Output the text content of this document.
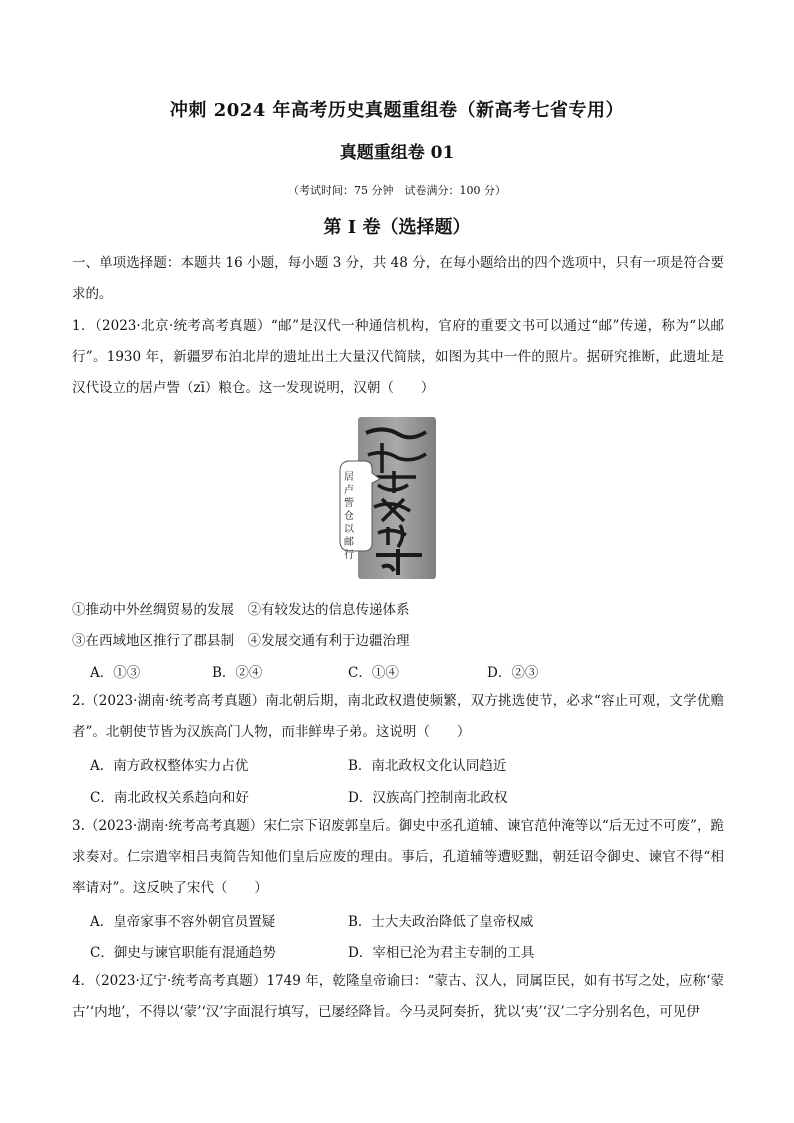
冲刺 2024 年高考历史真题重组卷（新高考七省专用）
真题重组卷 01
（考试时间：75 分钟　试卷满分：100 分）
第 I 卷（选择题）
一、单项选择题：本题共 16 小题，每小题 3 分，共 48 分，在每小题给出的四个选项中，只有一项是符合要求的。
1．（2023·北京·统考高考真题）“邮”是汉代一种通信机构，官府的重要文书可以通过“邮”传递，称为“以邮行”。1930 年，新疆罗布泊北岸的遗址出土大量汉代简牍，如图为其中一件的照片。据研究推断，此遗址是汉代设立的居卢訾（zī）粮仓。这一发现说明，汉朝（　　）
居卢訾仓以邮行
①推动中外丝绸贸易的发展　②有较发达的信息传递体系
③在西域地区推行了郡县制　④发展交通有利于边疆治理
A．①③	B．②④	C．①④	D．②③
2.（2023·湖南·统考高考真题）南北朝后期，南北政权遣使频繁，双方挑选使节，必求“容止可观，文学优赡者”。北朝使节皆为汉族高门人物，而非鲜卑子弟。这说明（　　）
A．南方政权整体实力占优	B．南北政权文化认同趋近
C．南北政权关系趋向和好	D．汉族高门控制南北政权
3.（2023·湖南·统考高考真题）宋仁宗下诏废郭皇后。御史中丞孔道辅、谏官范仲淹等以“后无过不可废”，跪求奏对。仁宗遣宰相吕夷简告知他们皇后应废的理由。事后，孔道辅等遭贬黜，朝廷诏令御史、谏官不得“相率请对”。这反映了宋代（　　）
A．皇帝家事不容外朝官员置疑	B．士大夫政治降低了皇帝权威
C．御史与谏官职能有混通趋势	D．宰相已沦为君主专制的工具
4．（2023·辽宁·统考高考真题）1749 年，乾隆皇帝谕曰：“蒙古、汉人，同属臣民，如有书写之处，应称‘蒙古’‘内地’，不得以‘蒙’‘汉’字面混行填写，已屡经降旨。今马灵阿奏折，犹以‘夷’‘汉’二字分别名色，可见伊
